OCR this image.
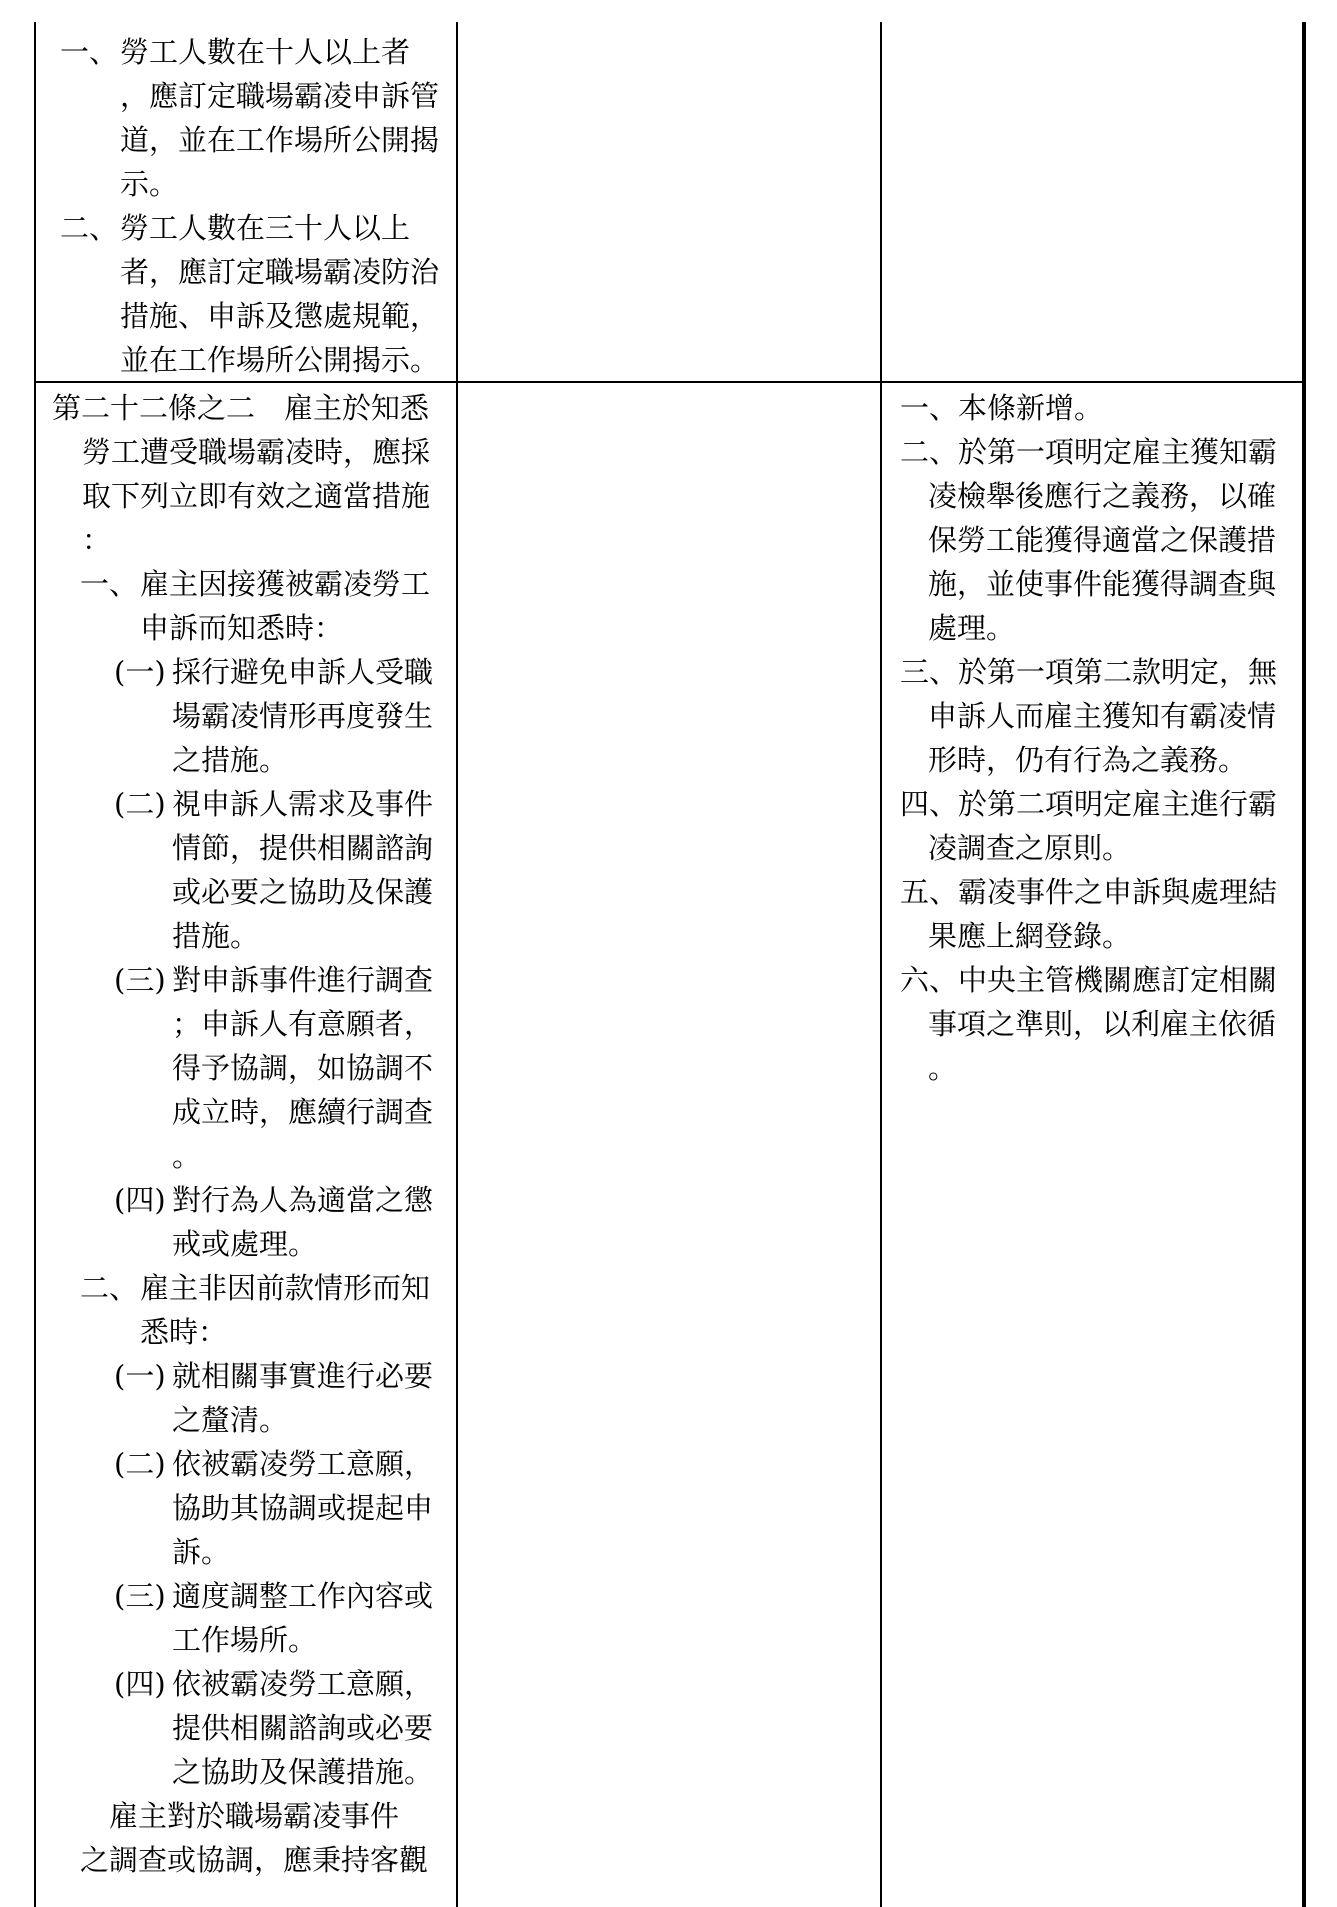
一、 勞工人數在十人以上者
，應訂定職場霸凌申訴管
道，並在工作場所公開揭
示。
二、 勞工人數在三十人以上
者，應訂定職場霸凌防治
措施、申訴及懲處規範，
並在工作場所公開揭示。
第二十二條之二　雇主於知悉
勞工遭受職場霸凌時，應採
取下列立即有效之適當措施
：
一、 雇主因接獲被霸凌勞工
申訴而知悉時：
(一) 採行避免申訴人受職
場霸凌情形再度發生
之措施。
(二) 視申訴人需求及事件
情節，提供相關諮詢
或必要之協助及保護
措施。
(三) 對申訴事件進行調查
；申訴人有意願者，
得予協調，如協調不
成立時，應續行調查
。
(四) 對行為人為適當之懲
戒或處理。
二、 雇主非因前款情形而知
悉時：
(一) 就相關事實進行必要
之釐清。
(二) 依被霸凌勞工意願，
協助其協調或提起申
訴。
(三) 適度調整工作內容或
工作場所。
(四) 依被霸凌勞工意願，
提供相關諮詢或必要
之協助及保護措施。
　雇主對於職場霸凌事件
之調查或協調，應秉持客觀
一、本條新增。
二、於第一項明定雇主獲知霸
凌檢舉後應行之義務，以確
保勞工能獲得適當之保護措
施，並使事件能獲得調查與
處理。
三、於第一項第二款明定，無
申訴人而雇主獲知有霸凌情
形時，仍有行為之義務。
四、於第二項明定雇主進行霸
凌調查之原則。
五、霸凌事件之申訴與處理結
果應上網登錄。
六、中央主管機關應訂定相關
事項之準則，以利雇主依循
。
